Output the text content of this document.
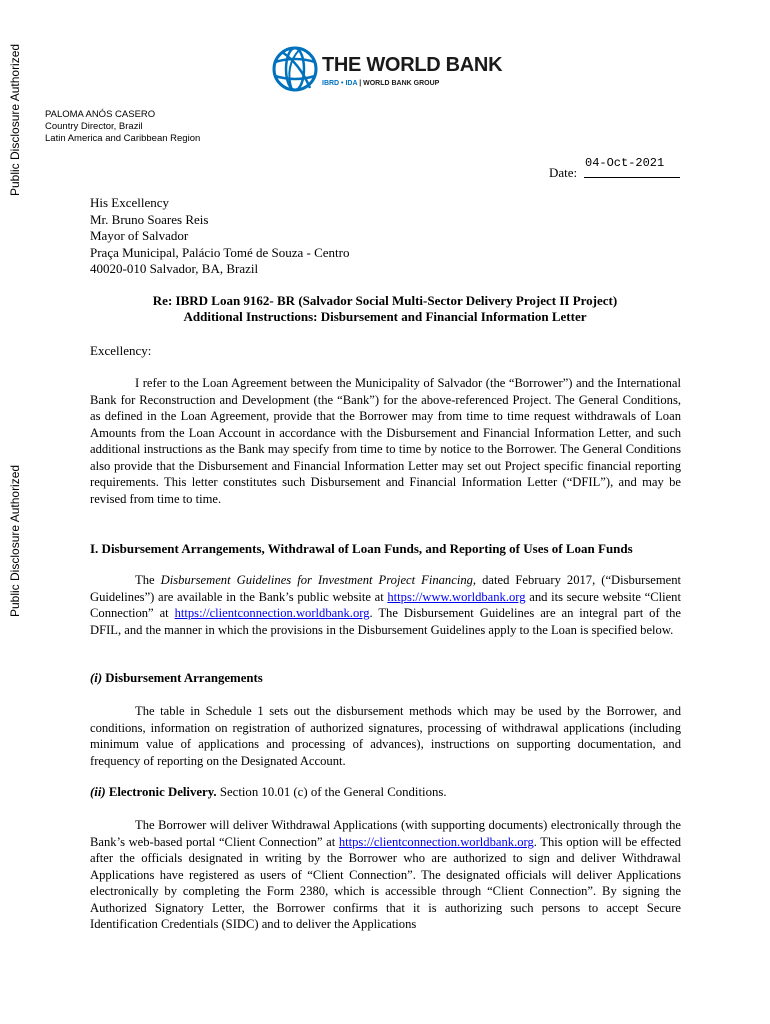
Public Disclosure Authorized
Public Disclosure Authorized
THE WORLD BANK
IBRD • IDA | WORLD BANK GROUP
PALOMA ANÓS CASERO
Country Director, Brazil
Latin America and Caribbean Region
04-Oct-2021
Date:
His Excellency
Mr. Bruno Soares Reis
Mayor of Salvador
Praça Municipal, Palácio Tomé de Souza - Centro
40020-010 Salvador, BA, Brazil
Re: IBRD Loan 9162- BR (Salvador Social Multi-Sector Delivery Project II Project)
Additional Instructions: Disbursement and Financial Information Letter
Excellency:
I refer to the Loan Agreement between the Municipality of Salvador (the “Borrower”) and the International Bank for Reconstruction and Development (the “Bank”) for the above-referenced Project. The General Conditions, as defined in the Loan Agreement, provide that the Borrower may from time to time request withdrawals of Loan Amounts from the Loan Account in accordance with the Disbursement and Financial Information Letter, and such additional instructions as the Bank may specify from time to time by notice to the Borrower. The General Conditions also provide that the Disbursement and Financial Information Letter may set out Project specific financial reporting requirements. This letter constitutes such Disbursement and Financial Information Letter (“DFIL”), and may be revised from time to time.
I. Disbursement Arrangements, Withdrawal of Loan Funds, and Reporting of Uses of Loan Funds
The Disbursement Guidelines for Investment Project Financing, dated February 2017, (“Disbursement Guidelines”) are available in the Bank’s public website at https://www.worldbank.org and its secure website “Client Connection” at https://clientconnection.worldbank.org. The Disbursement Guidelines are an integral part of the DFIL, and the manner in which the provisions in the Disbursement Guidelines apply to the Loan is specified below.
(i) Disbursement Arrangements
The table in Schedule 1 sets out the disbursement methods which may be used by the Borrower, and conditions, information on registration of authorized signatures, processing of withdrawal applications (including minimum value of applications and processing of advances), instructions on supporting documentation, and frequency of reporting on the Designated Account.
(ii) Electronic Delivery. Section 10.01 (c) of the General Conditions.
The Borrower will deliver Withdrawal Applications (with supporting documents) electronically through the Bank’s web-based portal “Client Connection” at https://clientconnection.worldbank.org. This option will be effected after the officials designated in writing by the Borrower who are authorized to sign and deliver Withdrawal Applications have registered as users of “Client Connection”. The designated officials will deliver Applications electronically by completing the Form 2380, which is accessible through “Client Connection”. By signing the Authorized Signatory Letter, the Borrower confirms that it is authorizing such persons to accept Secure Identification Credentials (SIDC) and to deliver the Applications
